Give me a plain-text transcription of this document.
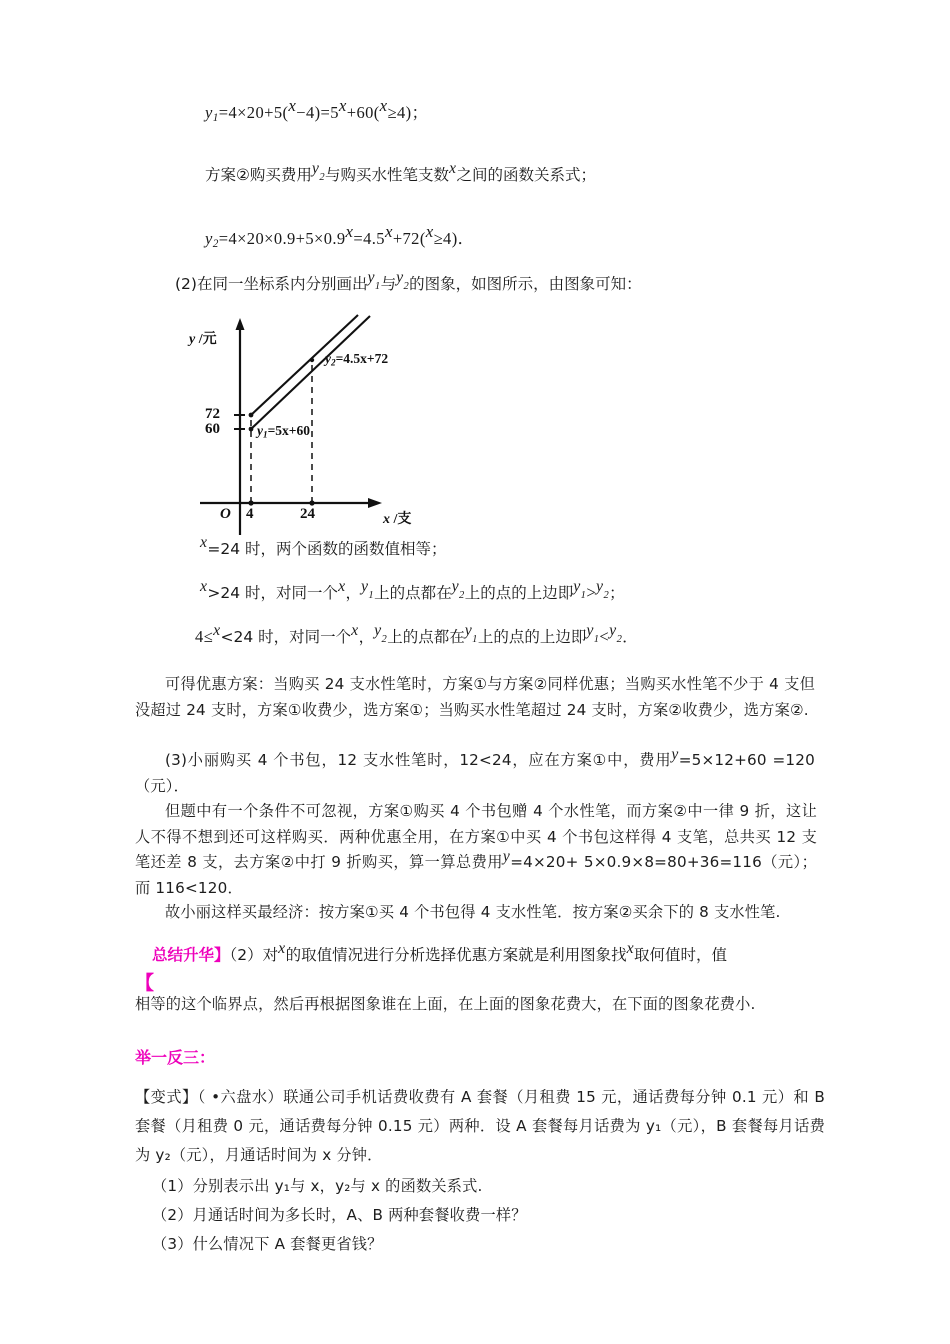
$y_1=4\times 20+5(x-4)=5x+60(x\ge 4)$；
方案②购买费用$y_2$与购买水性笔支数x之间的函数关系式；
$y_2=4\times 20\times 0.9+5\times 0.9x=4.5x+72(x\ge 4)$．
(2)在同一坐标系内分别画出$y_1$与$y_2$的图象，如图所示，由图象可知：
y /元
x /支
O 4	24
72
60
$y_2=4.5x+72$
$y_1=5x+60$
x=24 时，两个函数的函数值相等；
x>24 时，对同一个x，$y_1$上的点都在$y_2$上的点的上边即$y_1>y_2$；
4≤x<24 时，对同一个x，$y_2$上的点都在$y_1$上的点的上边即$y_1<y_2$．
可得优惠方案：当购买 24 支水性笔时，方案①与方案②同样优惠；当购买水性笔不少于 4 支但没超过 24 支时，方案①收费少，选方案①；当购买水性笔超过 24 支时，方案②收费少，选方案②.
(3)小丽购买 4 个书包，12 支水性笔时，12<24，应在方案①中，费用y=5×12+60 =120（元）．
但题中有一个条件不可忽视，方案①购买 4 个书包赠 4 个水性笔，而方案②中一律 9 折，这让人不得不想到还可这样购买．两种优惠全用，在方案①中买 4 个书包这样得 4 支笔，总共买 12 支笔还差 8 支，去方案②中打 9 折购买，算一算总费用y=4×20+ 5×0.9×8=80+36=116（元）；而 116<120．
故小丽这样买最经济：按方案①买 4 个书包得 4 支水性笔．按方案②买余下的 8 支水性笔.
总结升华】（2）对x的取值情况进行分析选择优惠方案就是利用图象找x取何值时，值
【
相等的这个临界点，然后再根据图象谁在上面，在上面的图象花费大，在下面的图象花费小.
举一反三：
【变式】（ •六盘水）联通公司手机话费收费有 A 套餐（月租费 15 元，通话费每分钟 0.1 元）和 B 套餐（月租费 0 元，通话费每分钟 0.15 元）两种．设 A 套餐每月话费为 y₁（元），B 套餐每月话费为 y₂（元），月通话时间为 x 分钟．
（1）分别表示出 y₁与 x，y₂与 x 的函数关系式.
（2）月通话时间为多长时，A、B 两种套餐收费一样？
（3）什么情况下 A 套餐更省钱？
